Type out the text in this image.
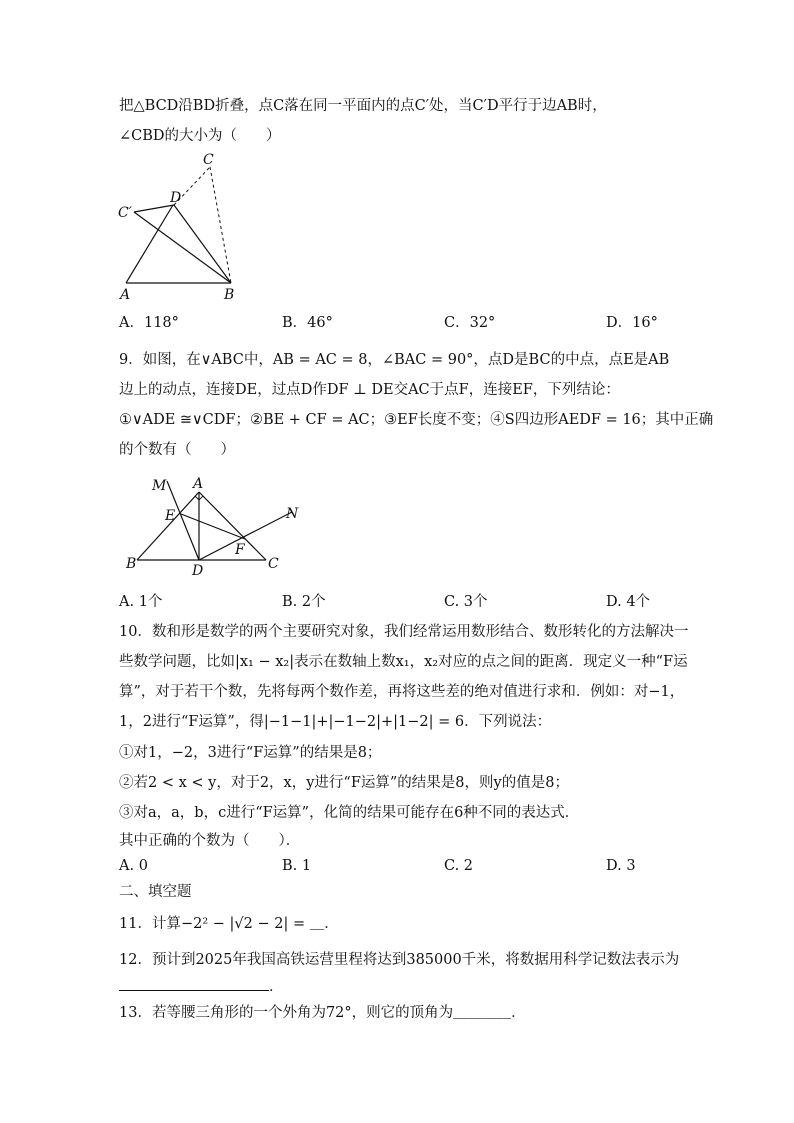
把△BCD沿BD折叠，点C落在同一平面内的点C′处，当C′D平行于边AB时，
∠CBD的大小为（　　）
C
C′
D
A	B
A．118°	B．46°	C．32°	D．16°
9．如图，在∨ABC中，AB = AC = 8，∠BAC = 90°，点D是BC的中点，点E是AB
边上的动点，连接DE，过点D作DF ⊥ DE交AC于点F，连接EF，下列结论：
①∨ADE ≅∨CDF；②BE + CF = AC；③EF长度不变；④S四边形AEDF = 16；其中正确
的个数有（　　）
M A
N
E
F
B	D	C
A. 1个	B. 2个	C. 3个	D. 4个
10．数和形是数学的两个主要研究对象，我们经常运用数形结合、数形转化的方法解决一
些数学问题，比如|x₁ − x₂|表示在数轴上数x₁，x₂对应的点之间的距离．现定义一种“F运
算”，对于若干个数，先将每两个数作差，再将这些差的绝对值进行求和．例如：对−1，
1，2进行“F运算”，得|−1−1|+|−1−2|+|1−2| = 6．下列说法：
①对1，−2，3进行“F运算”的结果是8；
②若2 < x < y，对于2，x，y进行“F运算”的结果是8，则y的值是8；
③对a，a，b，c进行“F运算”，化简的结果可能存在6种不同的表达式．
其中正确的个数为（　　）．
A. 0	B. 1	C. 2	D. 3
二、填空题
11．计算−2² − |√2 − 2| = ＿．
12．预计到2025年我国高铁运营里程将达到385000千米，将数据用科学记数法表示为
．
13．若等腰三角形的一个外角为72°，则它的顶角为＿＿＿＿．
